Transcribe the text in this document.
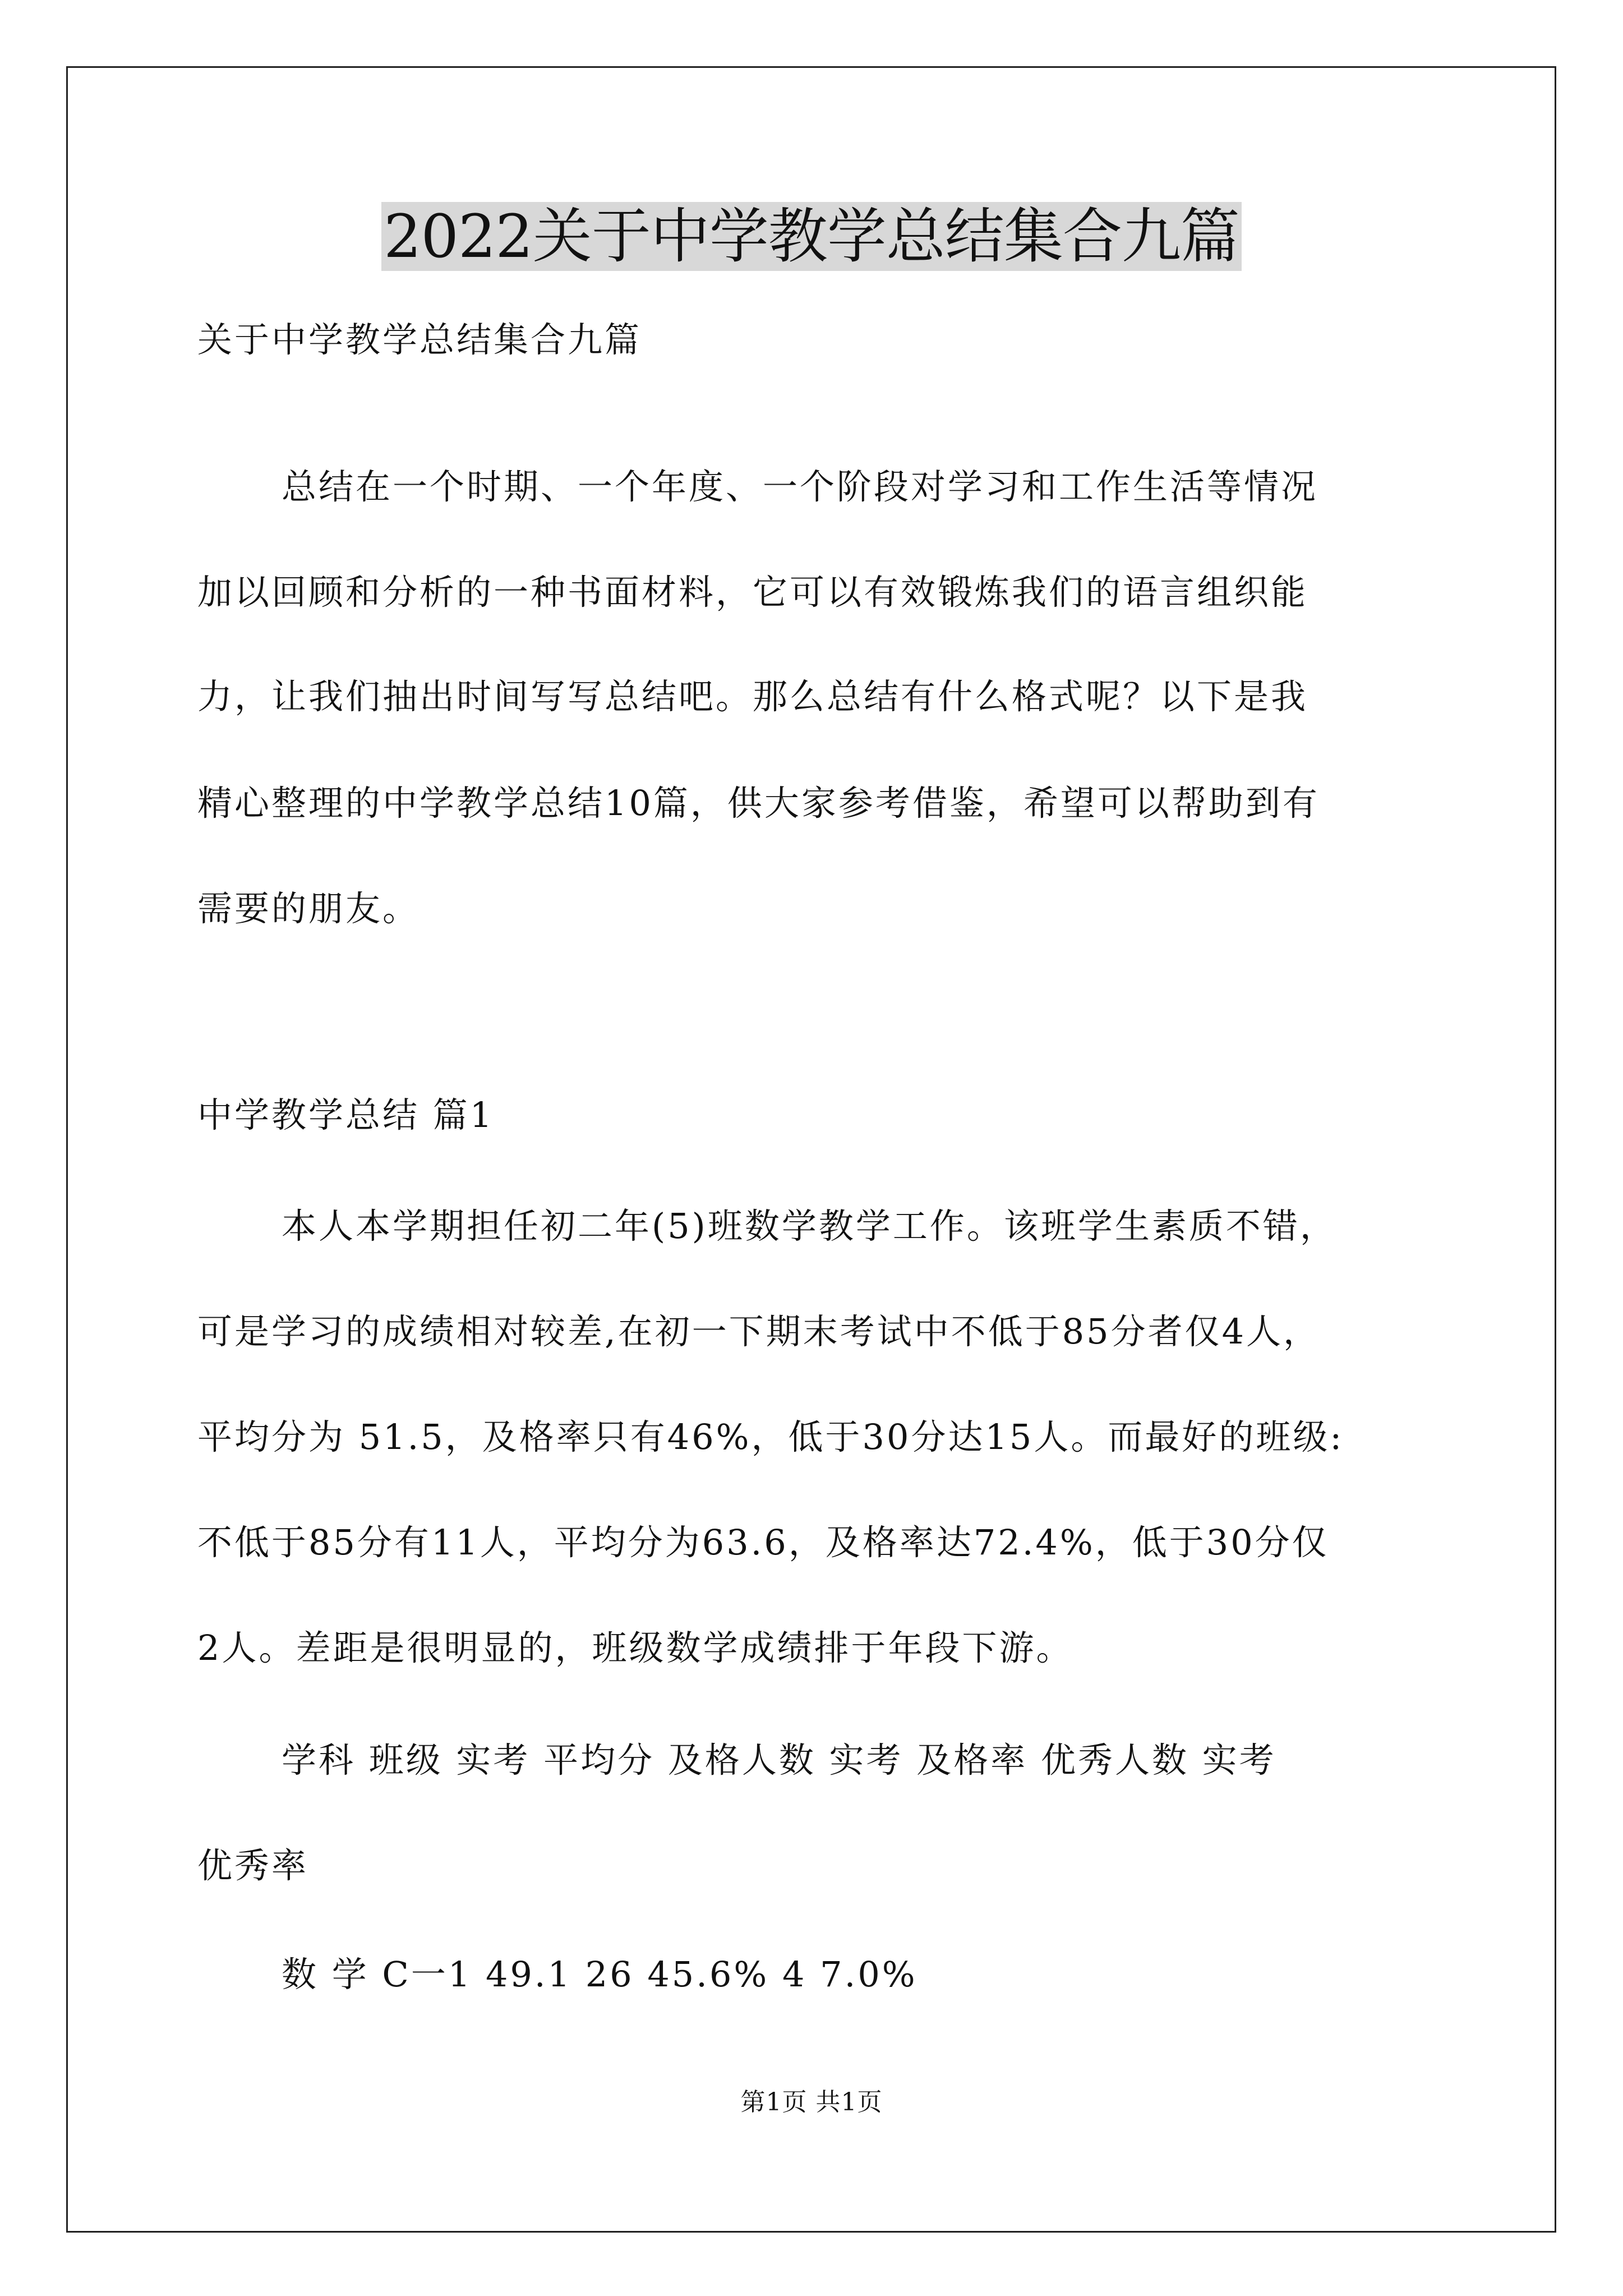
2022关于中学教学总结集合九篇
关于中学教学总结集合九篇
总结在一个时期、一个年度、一个阶段对学习和工作生活等情况
加以回顾和分析的一种书面材料，它可以有效锻炼我们的语言组织能
力，让我们抽出时间写写总结吧。那么总结有什么格式呢？以下是我
精心整理的中学教学总结10篇，供大家参考借鉴，希望可以帮助到有
需要的朋友。
中学教学总结 篇1
本人本学期担任初二年(5)班数学教学工作。该班学生素质不错，
可是学习的成绩相对较差,在初一下期末考试中不低于85分者仅4人，
平均分为 51.5，及格率只有46%，低于30分达15人。而最好的班级:
不低于85分有11人，平均分为63.6，及格率达72.4%，低于30分仅
2人。差距是很明显的，班级数学成绩排于年段下游。
学科 班级 实考 平均分 及格人数 实考 及格率 优秀人数 实考
优秀率
数 学 C一1 49.1 26 45.6% 4 7.0%
第1页 共1页
